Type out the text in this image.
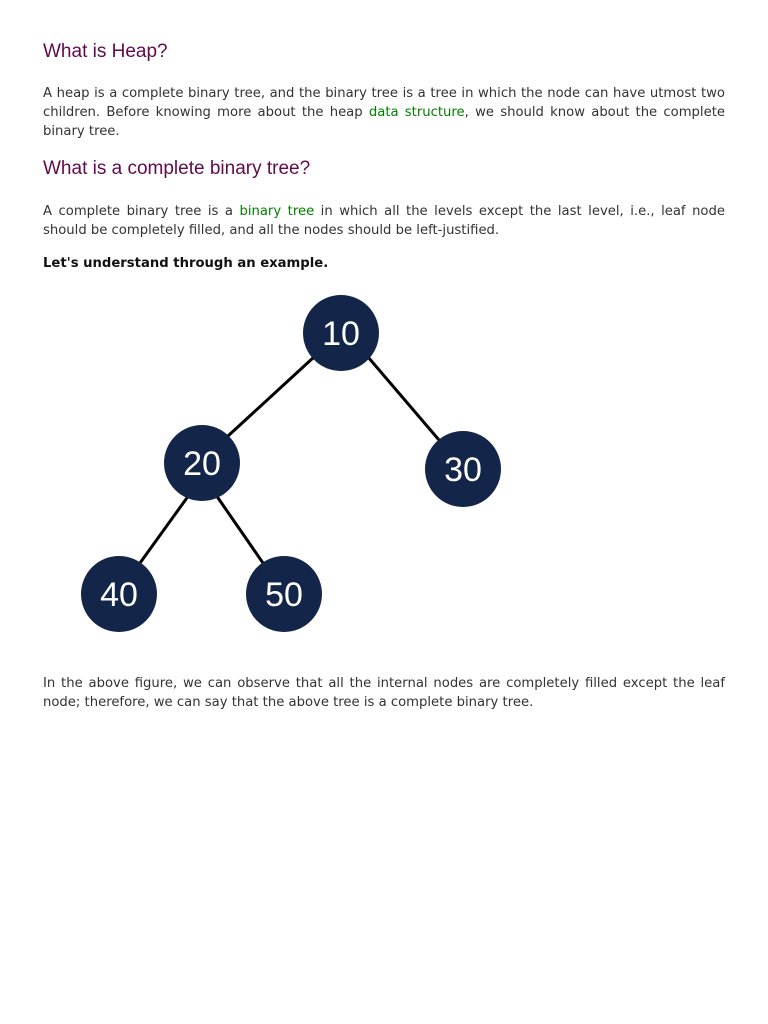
What is Heap?

A heap is a complete binary tree, and the binary tree is a tree in which the node can have utmost two children. Before knowing more about the heap data structure, we should know about the complete binary tree.

What is a complete binary tree?

A complete binary tree is a binary tree in which all the levels except the last level, i.e., leaf node should be completely filled, and all the nodes should be left-justified.

Let's understand through an example.

In the above figure, we can observe that all the internal nodes are completely filled except the leaf node; therefore, we can say that the above tree is a complete binary tree.

10
20	30
40	50
